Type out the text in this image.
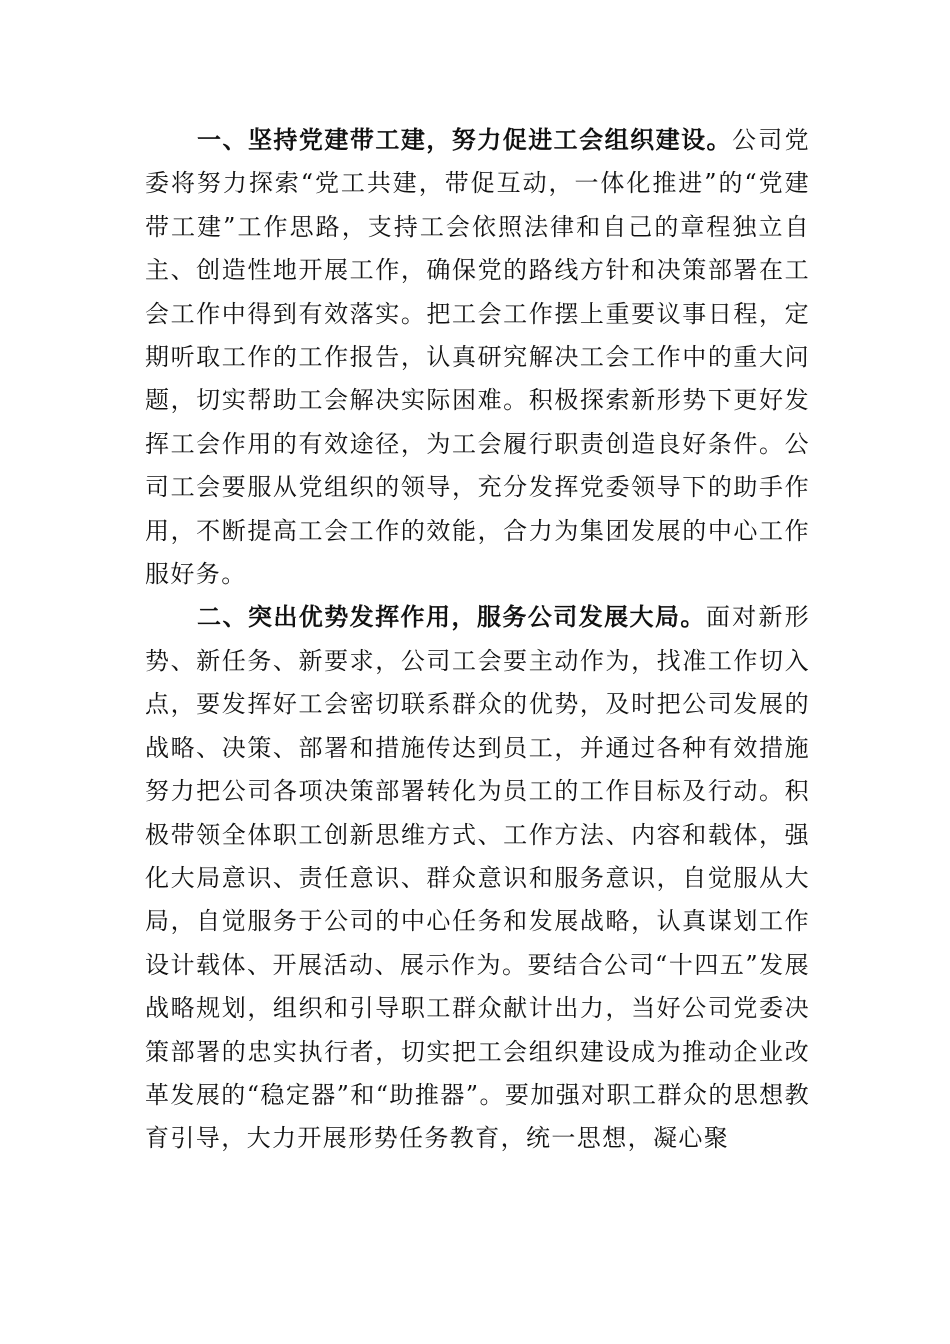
一、坚持党建带工建，努力促进工会组织建设。公司党委将努力探索“党工共建，带促互动，一体化推进”的“党建带工建”工作思路，支持工会依照法律和自己的章程独立自主、创造性地开展工作，确保党的路线方针和决策部署在工会工作中得到有效落实。把工会工作摆上重要议事日程，定期听取工作的工作报告，认真研究解决工会工作中的重大问题，切实帮助工会解决实际困难。积极探索新形势下更好发挥工会作用的有效途径，为工会履行职责创造良好条件。公司工会要服从党组织的领导，充分发挥党委领导下的助手作用，不断提高工会工作的效能，合力为集团发展的中心工作服好务。

二、突出优势发挥作用，服务公司发展大局。面对新形势、新任务、新要求，公司工会要主动作为，找准工作切入点，要发挥好工会密切联系群众的优势，及时把公司发展的战略、决策、部署和措施传达到员工，并通过各种有效措施努力把公司各项决策部署转化为员工的工作目标及行动。积极带领全体职工创新思维方式、工作方法、内容和载体，强化大局意识、责任意识、群众意识和服务意识，自觉服从大局，自觉服务于公司的中心任务和发展战略，认真谋划工作设计载体、开展活动、展示作为。要结合公司“十四五”发展战略规划，组织和引导职工群众献计出力，当好公司党委决策部署的忠实执行者，切实把工会组织建设成为推动企业改革发展的“稳定器”和“助推器”。要加强对职工群众的思想教育引导，大力开展形势任务教育，统一思想，凝心聚
